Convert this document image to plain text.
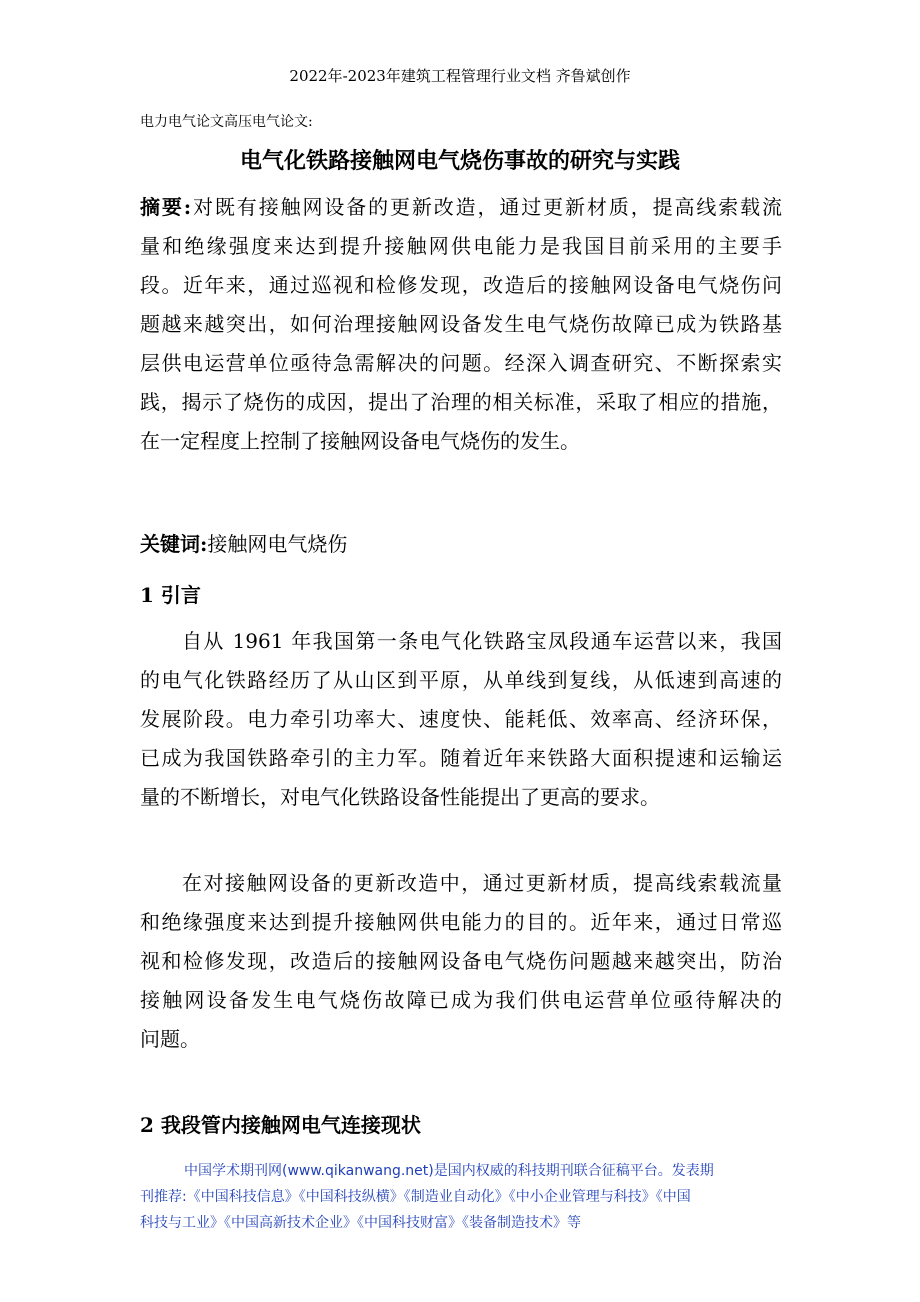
2022年-2023年建筑工程管理行业文档 齐鲁斌创作
电力电气论文高压电气论文:
电气化铁路接触网电气烧伤事故的研究与实践
摘要:对既有接触网设备的更新改造，通过更新材质，提高线索载流
量和绝缘强度来达到提升接触网供电能力是我国目前采用的主要手
段。近年来，通过巡视和检修发现，改造后的接触网设备电气烧伤问
题越来越突出，如何治理接触网设备发生电气烧伤故障已成为铁路基
层供电运营单位亟待急需解决的问题。经深入调查研究、不断探索实
践，揭示了烧伤的成因，提出了治理的相关标准，采取了相应的措施，
在一定程度上控制了接触网设备电气烧伤的发生。
关键词:接触网电气烧伤
1 引言
自从 1961 年我国第一条电气化铁路宝凤段通车运营以来，我国
的电气化铁路经历了从山区到平原，从单线到复线，从低速到高速的
发展阶段。电力牵引功率大、速度快、能耗低、效率高、经济环保，
已成为我国铁路牵引的主力军。随着近年来铁路大面积提速和运输运
量的不断增长，对电气化铁路设备性能提出了更高的要求。
在对接触网设备的更新改造中，通过更新材质，提高线索载流量
和绝缘强度来达到提升接触网供电能力的目的。近年来，通过日常巡
视和检修发现，改造后的接触网设备电气烧伤问题越来越突出，防治
接触网设备发生电气烧伤故障已成为我们供电运营单位亟待解决的
问题。
2 我段管内接触网电气连接现状
中国学术期刊网(www.qikanwang.net)是国内权威的科技期刊联合征稿平台。发表期
刊推荐:《中国科技信息》《中国科技纵横》《制造业自动化》《中小企业管理与科技》《中国
科技与工业》《中国高新技术企业》《中国科技财富》《装备制造技术》等
